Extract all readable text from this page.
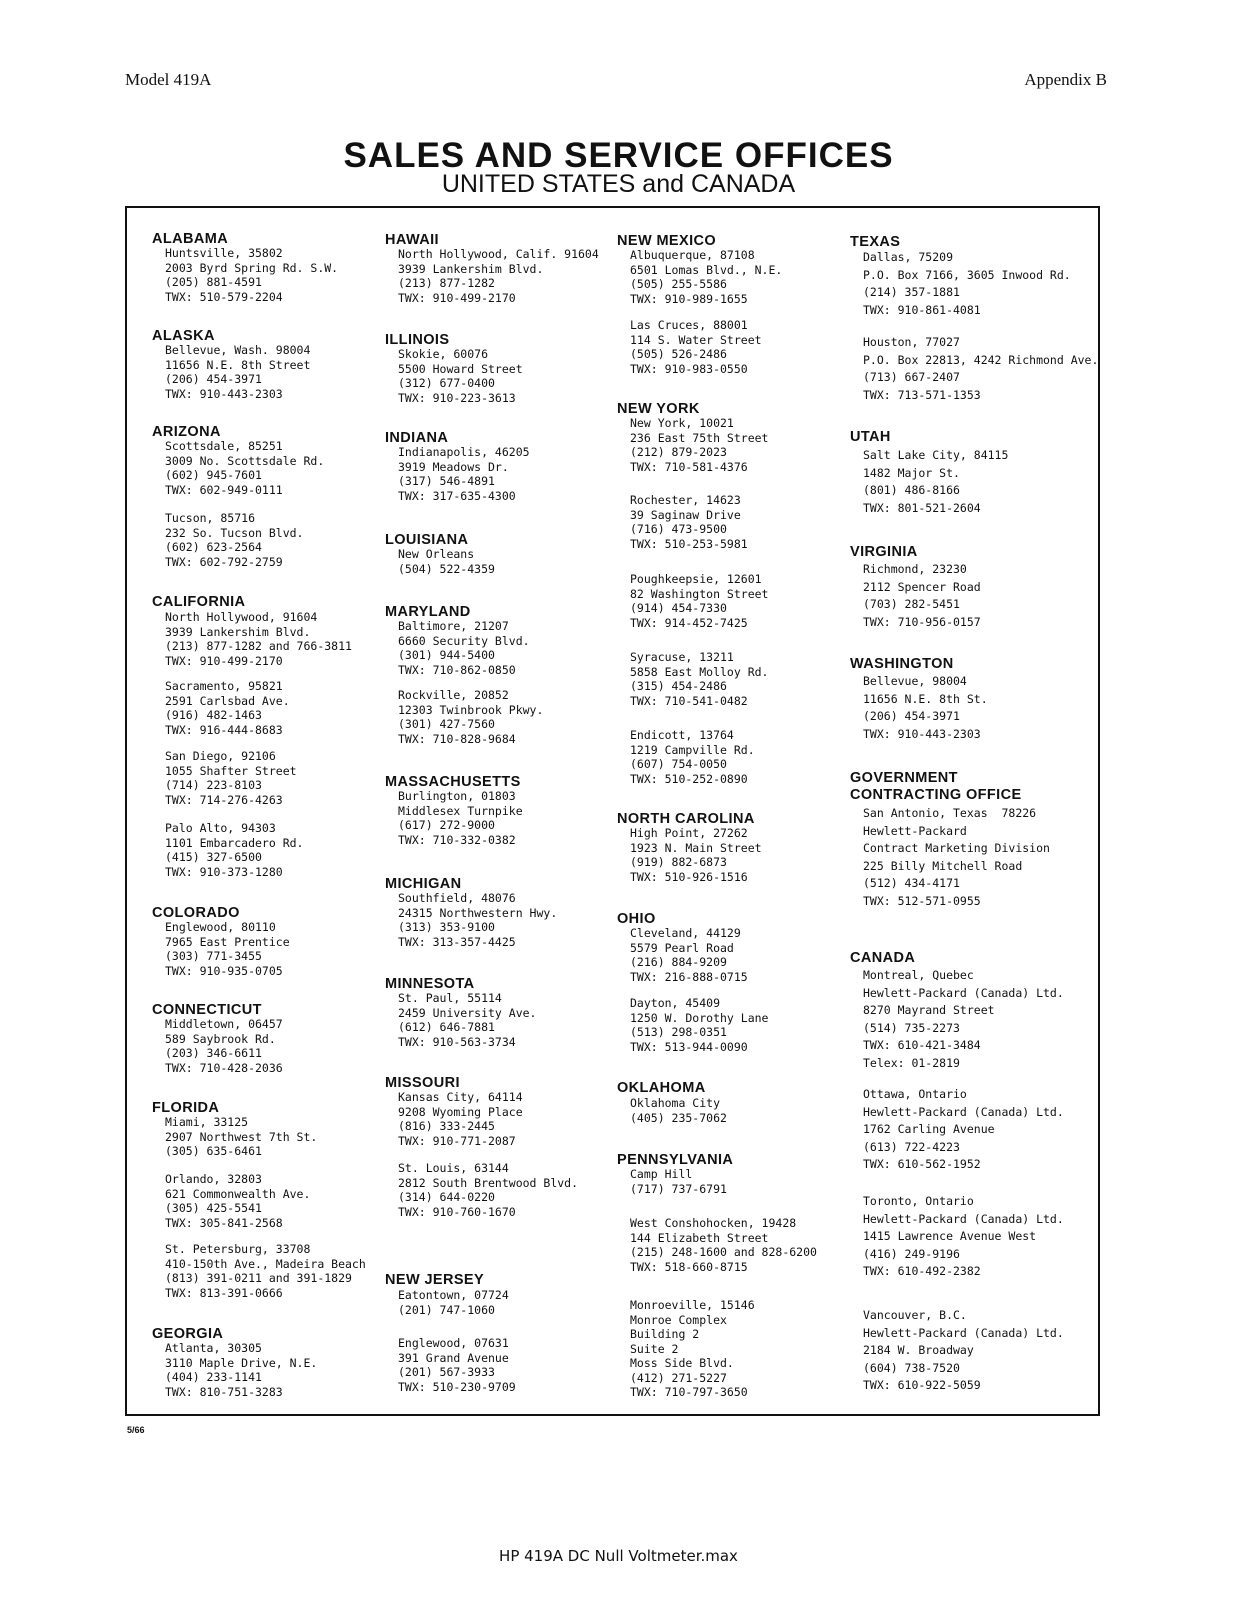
Model 419A	Appendix B
SALES AND SERVICE OFFICES
UNITED STATES and CANADA
ALABAMA
Huntsville, 35802
2003 Byrd Spring Rd. S.W.
(205) 881-4591
TWX: 510-579-2204
ALASKA
Bellevue, Wash. 98004
11656 N.E. 8th Street
(206) 454-3971
TWX: 910-443-2303
ARIZONA
Scottsdale, 85251
3009 No. Scottsdale Rd.
(602) 945-7601
TWX: 602-949-0111
Tucson, 85716
232 So. Tucson Blvd.
(602) 623-2564
TWX: 602-792-2759
CALIFORNIA
North Hollywood, 91604
3939 Lankershim Blvd.
(213) 877-1282 and 766-3811
TWX: 910-499-2170
Sacramento, 95821
2591 Carlsbad Ave.
(916) 482-1463
TWX: 916-444-8683
San Diego, 92106
1055 Shafter Street
(714) 223-8103
TWX: 714-276-4263
Palo Alto, 94303
1101 Embarcadero Rd.
(415) 327-6500
TWX: 910-373-1280
COLORADO
Englewood, 80110
7965 East Prentice
(303) 771-3455
TWX: 910-935-0705
CONNECTICUT
Middletown, 06457
589 Saybrook Rd.
(203) 346-6611
TWX: 710-428-2036
FLORIDA
Miami, 33125
2907 Northwest 7th St.
(305) 635-6461
Orlando, 32803
621 Commonwealth Ave.
(305) 425-5541
TWX: 305-841-2568
St. Petersburg, 33708
410-150th Ave., Madeira Beach
(813) 391-0211 and 391-1829
TWX: 813-391-0666
GEORGIA
Atlanta, 30305
3110 Maple Drive, N.E.
(404) 233-1141
TWX: 810-751-3283
HAWAII
North Hollywood, Calif. 91604
3939 Lankershim Blvd.
(213) 877-1282
TWX: 910-499-2170
ILLINOIS
Skokie, 60076
5500 Howard Street
(312) 677-0400
TWX: 910-223-3613
INDIANA
Indianapolis, 46205
3919 Meadows Dr.
(317) 546-4891
TWX: 317-635-4300
LOUISIANA
New Orleans
(504) 522-4359
MARYLAND
Baltimore, 21207
6660 Security Blvd.
(301) 944-5400
TWX: 710-862-0850
Rockville, 20852
12303 Twinbrook Pkwy.
(301) 427-7560
TWX: 710-828-9684
MASSACHUSETTS
Burlington, 01803
Middlesex Turnpike
(617) 272-9000
TWX: 710-332-0382
MICHIGAN
Southfield, 48076
24315 Northwestern Hwy.
(313) 353-9100
TWX: 313-357-4425
MINNESOTA
St. Paul, 55114
2459 University Ave.
(612) 646-7881
TWX: 910-563-3734
MISSOURI
Kansas City, 64114
9208 Wyoming Place
(816) 333-2445
TWX: 910-771-2087
St. Louis, 63144
2812 South Brentwood Blvd.
(314) 644-0220
TWX: 910-760-1670
NEW JERSEY
Eatontown, 07724
(201) 747-1060
Englewood, 07631
391 Grand Avenue
(201) 567-3933
TWX: 510-230-9709
NEW MEXICO
Albuquerque, 87108
6501 Lomas Blvd., N.E.
(505) 255-5586
TWX: 910-989-1655
Las Cruces, 88001
114 S. Water Street
(505) 526-2486
TWX: 910-983-0550
NEW YORK
New York, 10021
236 East 75th Street
(212) 879-2023
TWX: 710-581-4376
Rochester, 14623
39 Saginaw Drive
(716) 473-9500
TWX: 510-253-5981
Poughkeepsie, 12601
82 Washington Street
(914) 454-7330
TWX: 914-452-7425
Syracuse, 13211
5858 East Molloy Rd.
(315) 454-2486
TWX: 710-541-0482
Endicott, 13764
1219 Campville Rd.
(607) 754-0050
TWX: 510-252-0890
NORTH CAROLINA
High Point, 27262
1923 N. Main Street
(919) 882-6873
TWX: 510-926-1516
OHIO
Cleveland, 44129
5579 Pearl Road
(216) 884-9209
TWX: 216-888-0715
Dayton, 45409
1250 W. Dorothy Lane
(513) 298-0351
TWX: 513-944-0090
OKLAHOMA
Oklahoma City
(405) 235-7062
PENNSYLVANIA
Camp Hill
(717) 737-6791
West Conshohocken, 19428
144 Elizabeth Street
(215) 248-1600 and 828-6200
TWX: 518-660-8715
Monroeville, 15146
Monroe Complex
Building 2
Suite 2
Moss Side Blvd.
(412) 271-5227
TWX: 710-797-3650
TEXAS
Dallas, 75209
P.O. Box 7166, 3605 Inwood Rd.
(214) 357-1881
TWX: 910-861-4081
Houston, 77027
P.O. Box 22813, 4242 Richmond Ave.
(713) 667-2407
TWX: 713-571-1353
UTAH
Salt Lake City, 84115
1482 Major St.
(801) 486-8166
TWX: 801-521-2604
VIRGINIA
Richmond, 23230
2112 Spencer Road
(703) 282-5451
TWX: 710-956-0157
WASHINGTON
Bellevue, 98004
11656 N.E. 8th St.
(206) 454-3971
TWX: 910-443-2303
GOVERNMENT
CONTRACTING OFFICE
San Antonio, Texas  78226
Hewlett-Packard
Contract Marketing Division
225 Billy Mitchell Road
(512) 434-4171
TWX: 512-571-0955
CANADA
Montreal, Quebec
Hewlett-Packard (Canada) Ltd.
8270 Mayrand Street
(514) 735-2273
TWX: 610-421-3484
Telex: 01-2819
Ottawa, Ontario
Hewlett-Packard (Canada) Ltd.
1762 Carling Avenue
(613) 722-4223
TWX: 610-562-1952
Toronto, Ontario
Hewlett-Packard (Canada) Ltd.
1415 Lawrence Avenue West
(416) 249-9196
TWX: 610-492-2382
Vancouver, B.C.
Hewlett-Packard (Canada) Ltd.
2184 W. Broadway
(604) 738-7520
TWX: 610-922-5059
5/66
HP 419A DC Null Voltmeter.max
